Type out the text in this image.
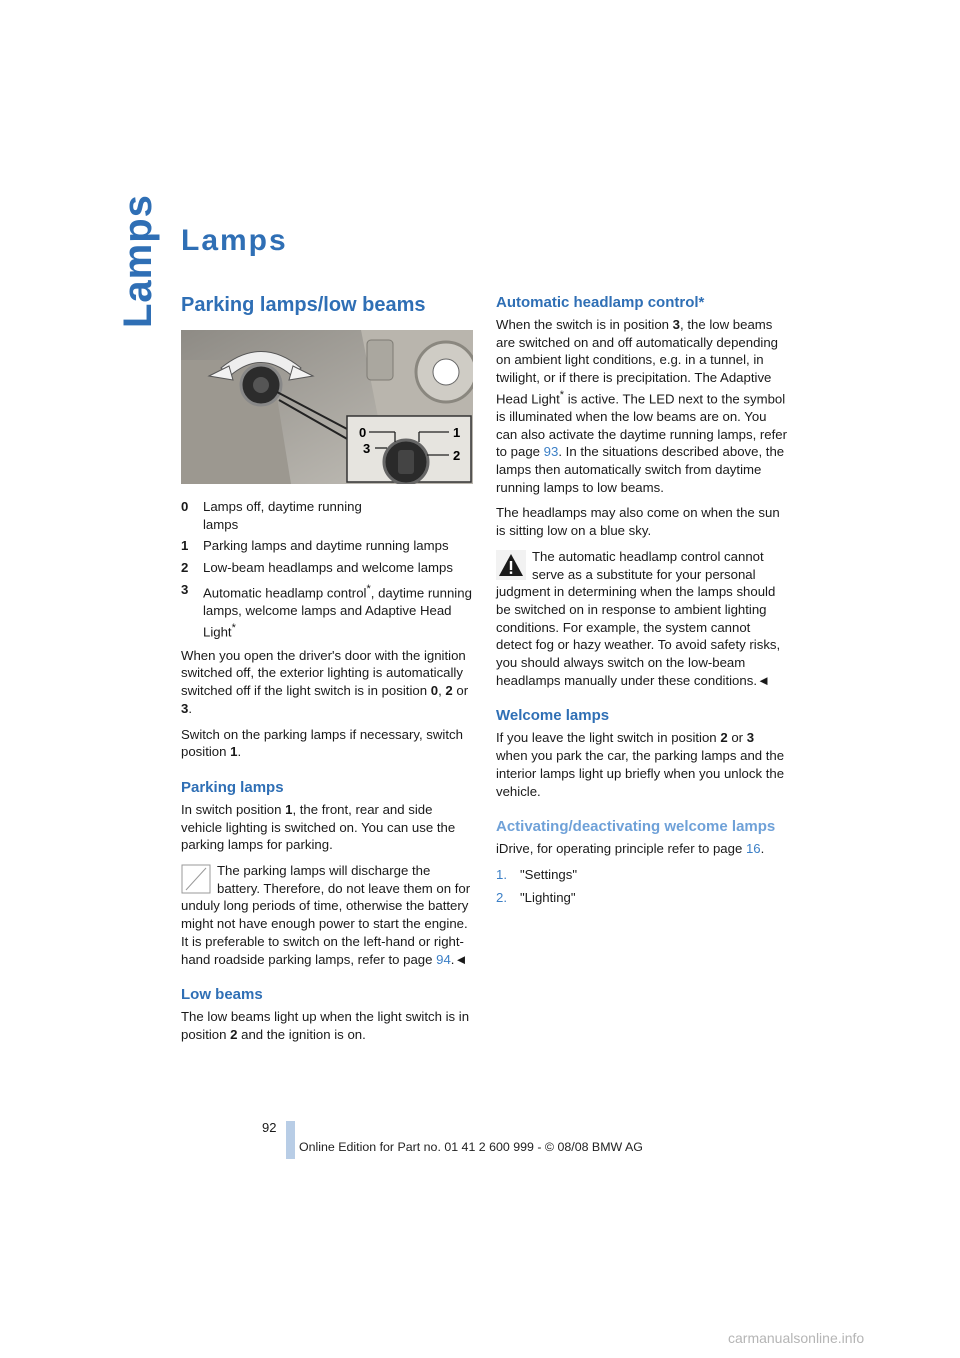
Lamps Lamps
Parking lamps/low beams
0	1
3	2
0	Lamps off, daytime running lamps
1	Parking lamps and daytime running lamps
2	Low-beam headlamps and welcome lamps
3	Automatic headlamp control*, daytime running lamps, welcome lamps and Adaptive Head Light*

When you open the driver's door with the ignition switched off, the exterior lighting is automatically switched off if the light switch is in position 0, 2 or 3.

Switch on the parking lamps if necessary, switch position 1.

Parking lamps

In switch position 1, the front, rear and side vehicle lighting is switched on. You can use the parking lamps for parking.

The parking lamps will discharge the battery. Therefore, do not leave them on for unduly long periods of time, otherwise the battery might not have enough power to start the engine. It is preferable to switch on the left-hand or right-hand roadside parking lamps, refer to page 94.◄
Low beams

The low beams light up when the light switch is in position 2 and the ignition is on.

Automatic headlamp control*

When the switch is in position 3, the low beams are switched on and off automatically depending on ambient light conditions, e.g. in a tunnel, in twilight, or if there is precipitation. The Adaptive Head Light* is active. The LED next to the symbol is illuminated when the low beams are on. You can also activate the daytime running lamps, refer to page 93. In the situations described above, the lamps then automatically switch from daytime running lamps to low beams.

The headlamps may also come on when the sun is sitting low on a blue sky.

The automatic headlamp control cannot serve as a substitute for your personal judgment in determining when the lamps should be switched on in response to ambient lighting conditions. For example, the system cannot detect fog or hazy weather. To avoid safety risks, you should always switch on the low-beam headlamps manually under these conditions.◄
Welcome lamps

If you leave the light switch in position 2 or 3 when you park the car, the parking lamps and the interior lamps light up briefly when you unlock the vehicle.

Activating/deactivating welcome lamps

iDrive, for operating principle refer to page 16.

1. "Settings"
2. "Lighting"
92
Online Edition for Part no. 01 41 2 600 999 - © 08/08 BMW AG
carmanualsonline.info
